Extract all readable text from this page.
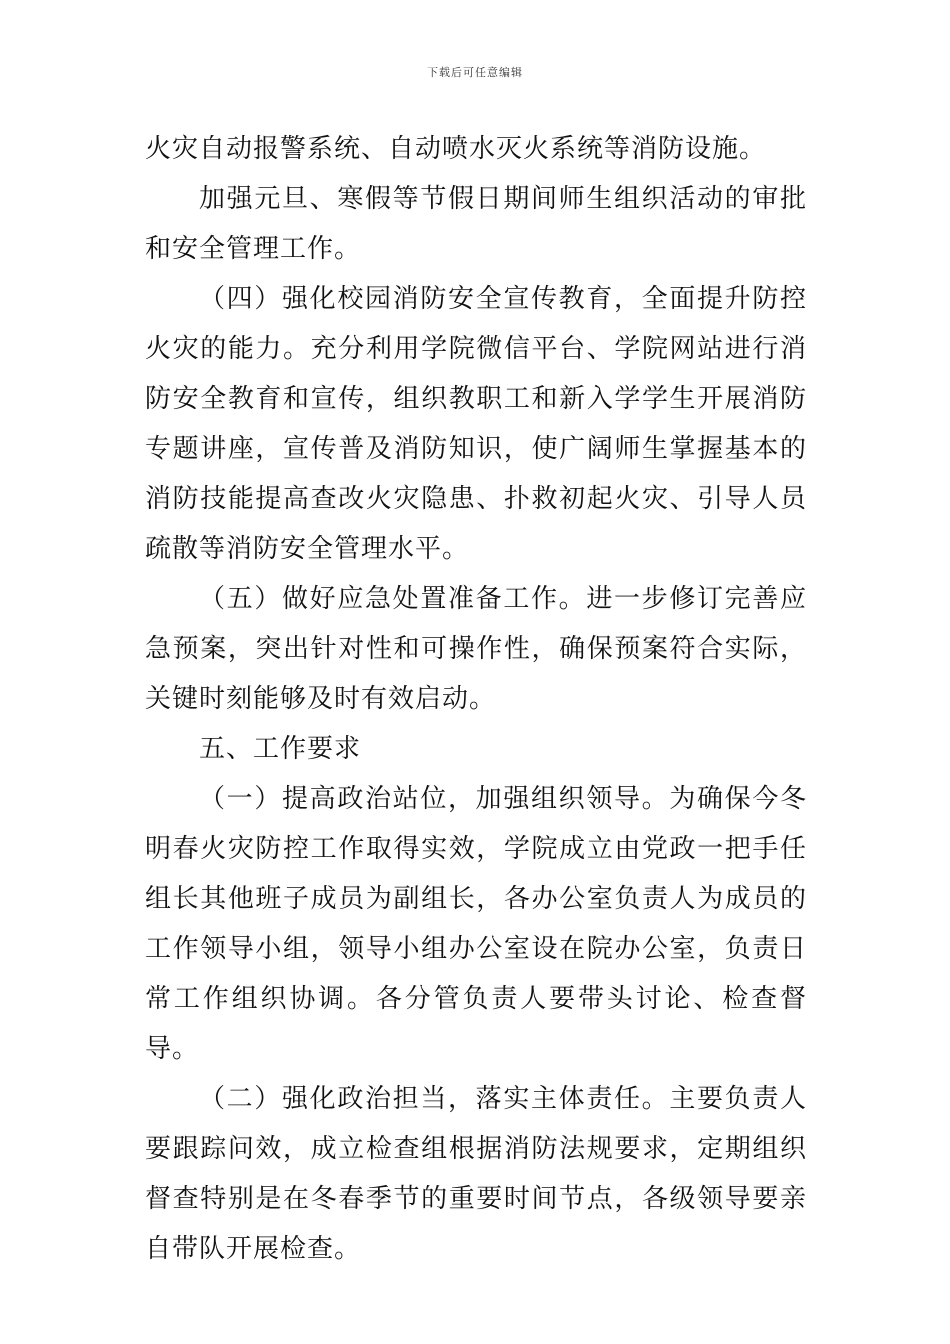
下载后可任意编辑

火灾自动报警系统、自动喷水灭火系统等消防设施。

加强元旦、寒假等节假日期间师生组织活动的审批和安全管理工作。

（四）强化校园消防安全宣传教育，全面提升防控火灾的能力。充分利用学院微信平台、学院网站进行消防安全教育和宣传，组织教职工和新入学学生开展消防专题讲座，宣传普及消防知识，使广阔师生掌握基本的消防技能提高查改火灾隐患、扑救初起火灾、引导人员疏散等消防安全管理水平。

（五）做好应急处置准备工作。进一步修订完善应急预案，突出针对性和可操作性，确保预案符合实际，关键时刻能够及时有效启动。

五、工作要求

（一）提高政治站位，加强组织领导。为确保今冬明春火灾防控工作取得实效，学院成立由党政一把手任组长其他班子成员为副组长，各办公室负责人为成员的工作领导小组，领导小组办公室设在院办公室，负责日常工作组织协调。各分管负责人要带头讨论、检查督导。

（二）强化政治担当，落实主体责任。主要负责人要跟踪问效，成立检查组根据消防法规要求，定期组织督查特别是在冬春季节的重要时间节点，各级领导要亲自带队开展检查。
